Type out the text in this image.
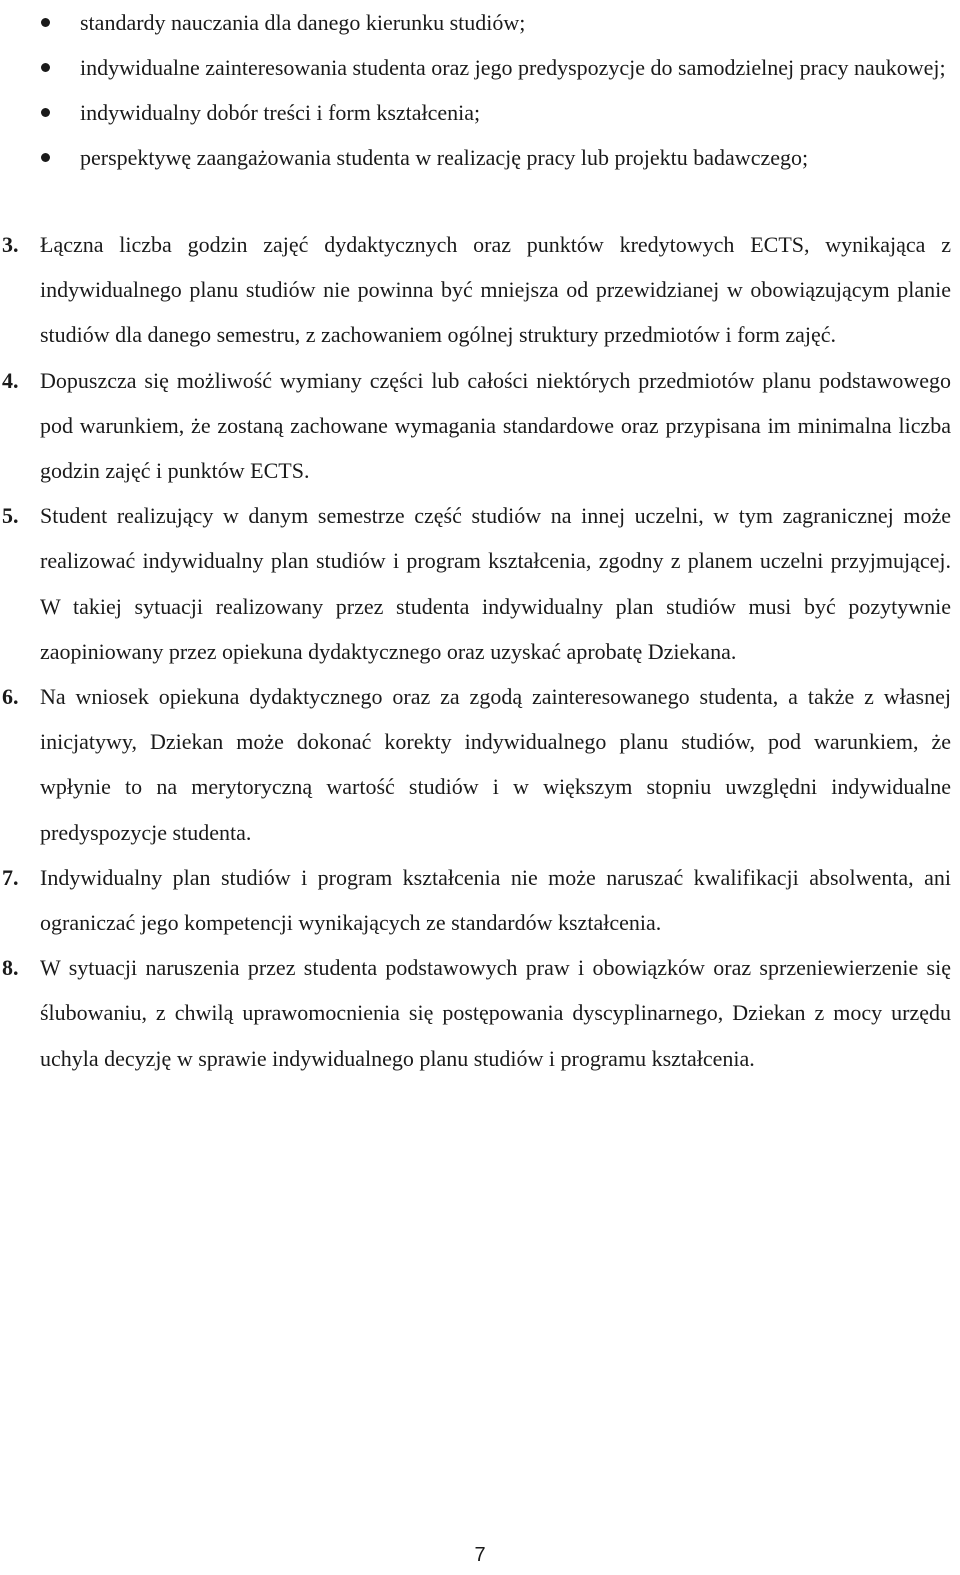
standardy nauczania dla danego kierunku studiów;
indywidualne zainteresowania studenta oraz jego predyspozycje do samodzielnej pracy naukowej;
indywidualny dobór treści i form kształcenia;
perspektywę zaangażowania studenta w realizację pracy lub projektu badawczego;
3. Łączna liczba godzin zajęć dydaktycznych oraz punktów kredytowych ECTS, wynikająca z indywidualnego planu studiów nie powinna być mniejsza od przewidzianej w obowiązującym planie studiów dla danego semestru, z zachowaniem ogólnej struktury przedmiotów i form zajęć.
4. Dopuszcza się możliwość wymiany części lub całości niektórych przedmiotów planu podstawowego pod warunkiem, że zostaną zachowane wymagania standardowe oraz przypisana im minimalna liczba godzin zajęć i punktów ECTS.
5. Student realizujący w danym semestrze część studiów na innej uczelni, w tym zagranicznej może realizować indywidualny plan studiów i program kształcenia, zgodny z planem uczelni przyjmującej. W takiej sytuacji realizowany przez studenta indywidualny plan studiów musi być pozytywnie zaopiniowany przez opiekuna dydaktycznego oraz uzyskać aprobatę Dziekana.
6. Na wniosek opiekuna dydaktycznego oraz za zgodą zainteresowanego studenta, a także z własnej inicjatywy, Dziekan może dokonać korekty indywidualnego planu studiów, pod warunkiem, że wpłynie to na merytoryczną wartość studiów i w większym stopniu uwzględni indywidualne predyspozycje studenta.
7. Indywidualny plan studiów i program kształcenia nie może naruszać kwalifikacji absolwenta, ani ograniczać jego kompetencji wynikających ze standardów kształcenia.
8. W sytuacji naruszenia przez studenta podstawowych praw i obowiązków oraz sprzeniewierzenie się ślubowaniu, z chwilą uprawomocnienia się postępowania dyscyplinarnego, Dziekan z mocy urzędu uchyla decyzję w sprawie indywidualnego planu studiów i programu kształcenia.
7
